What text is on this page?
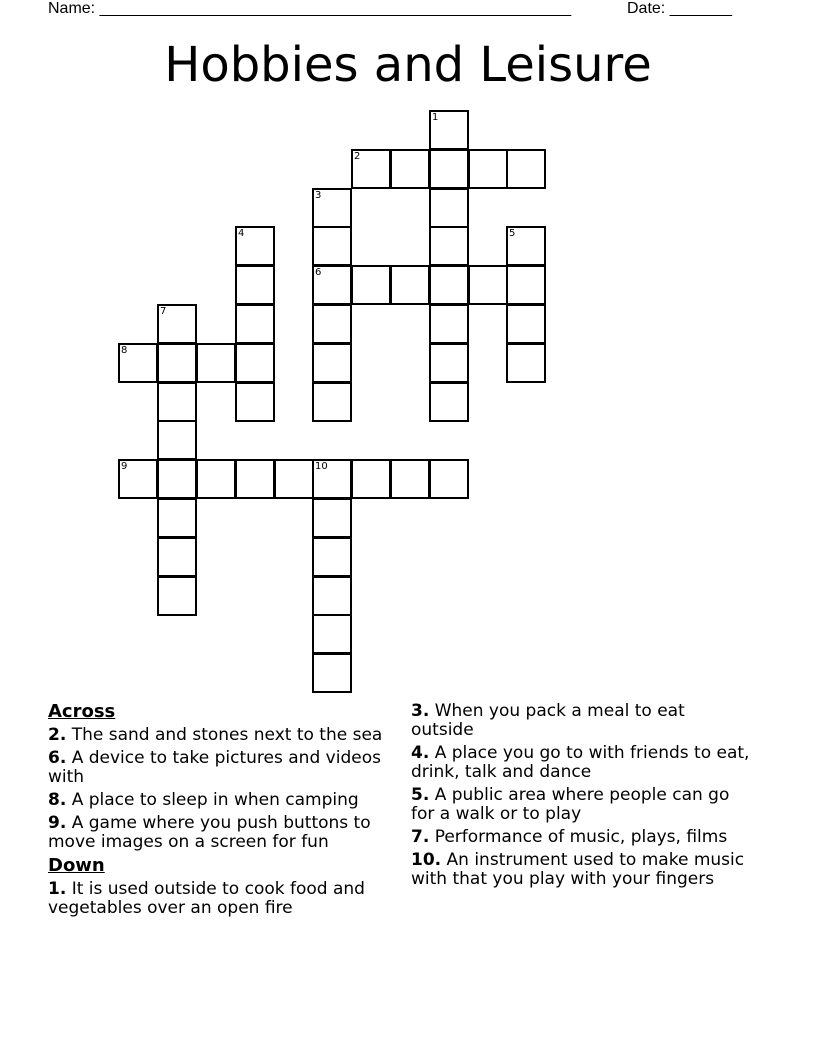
Name: _____________________________________________________	Date: _______
Hobbies and Leisure
1
2
3
6
4	5
7
8
9	10
Across
2. The sand and stones next to the sea
6. A device to take pictures and videos with
8. A place to sleep in when camping
9. A game where you push buttons to move images on a screen for fun
Down
1. It is used outside to cook food and vegetables over an open fire
3. When you pack a meal to eat outside
4. A place you go to with friends to eat, drink, talk and dance
5. A public area where people can go for a walk or to play
7. Performance of music, plays, films
10. An instrument used to make music with that you play with your fingers
